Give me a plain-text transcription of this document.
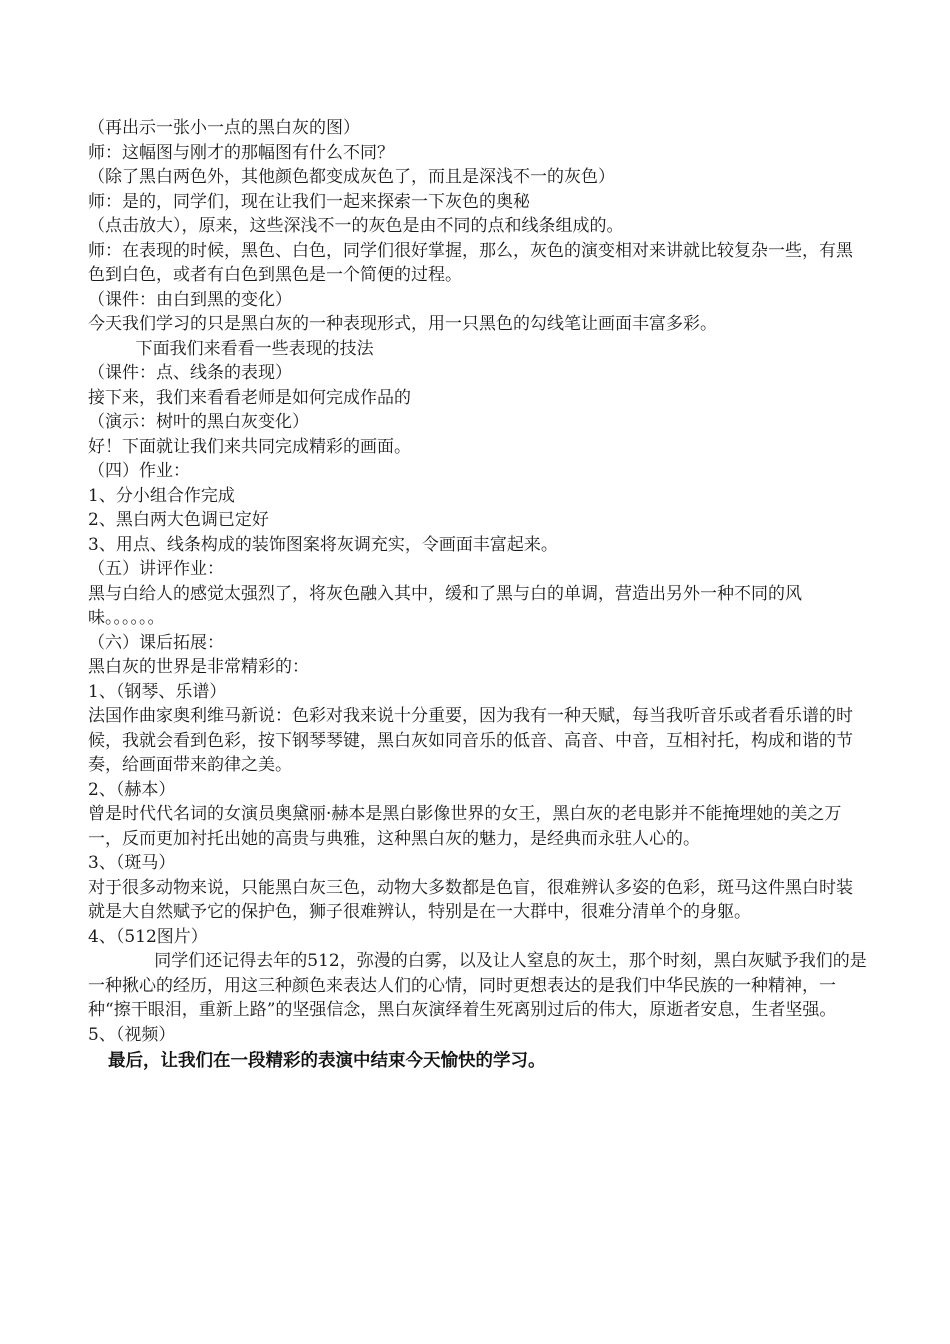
（再出示一张小一点的黑白灰的图）

师：这幅图与刚才的那幅图有什么不同？

（除了黑白两色外，其他颜色都变成灰色了，而且是深浅不一的灰色）

师：是的，同学们，现在让我们一起来探索一下灰色的奥秘

（点击放大），原来，这些深浅不一的灰色是由不同的点和线条组成的。

师：在表现的时候，黑色、白色，同学们很好掌握，那么，灰色的演变相对来讲就比较复杂一些，有黑色到白色，或者有白色到黑色是一个简便的过程。

（课件：由白到黑的变化）

今天我们学习的只是黑白灰的一种表现形式，用一只黑色的勾线笔让画面丰富多彩。

下面我们来看看一些表现的技法

（课件：点、线条的表现）

接下来，我们来看看老师是如何完成作品的

（演示：树叶的黑白灰变化）

好！下面就让我们来共同完成精彩的画面。

（四）作业：

1、分小组合作完成

2、黑白两大色调已定好

3、用点、线条构成的装饰图案将灰调充实，令画面丰富起来。

（五）讲评作业：

黑与白给人的感觉太强烈了，将灰色融入其中，缓和了黑与白的单调，营造出另外一种不同的风味。。。。。。

（六）课后拓展：

黑白灰的世界是非常精彩的：

1、（钢琴、乐谱）

法国作曲家奥利维马新说：色彩对我来说十分重要，因为我有一种天赋，每当我听音乐或者看乐谱的时候，我就会看到色彩，按下钢琴琴键，黑白灰如同音乐的低音、高音、中音，互相衬托，构成和谐的节奏，给画面带来韵律之美。

2、（赫本）

曾是时代代名词的女演员奥黛丽·赫本是黑白影像世界的女王，黑白灰的老电影并不能掩埋她的美之万一，反而更加衬托出她的高贵与典雅，这种黑白灰的魅力，是经典而永驻人心的。

3、（斑马）

对于很多动物来说，只能黑白灰三色，动物大多数都是色盲，很难辨认多姿的色彩，斑马这件黑白时装就是大自然赋予它的保护色，狮子很难辨认，特别是在一大群中，很难分清单个的身躯。

4、（512图片）

同学们还记得去年的512，弥漫的白雾，以及让人窒息的灰土，那个时刻，黑白灰赋予我们的是一种揪心的经历，用这三种颜色来表达人们的心情，同时更想表达的是我们中华民族的一种精神，一种“擦干眼泪，重新上路”的坚强信念，黑白灰演绎着生死离别过后的伟大，原逝者安息，生者坚强。

5、（视频）

最后，让我们在一段精彩的表演中结束今天愉快的学习。
